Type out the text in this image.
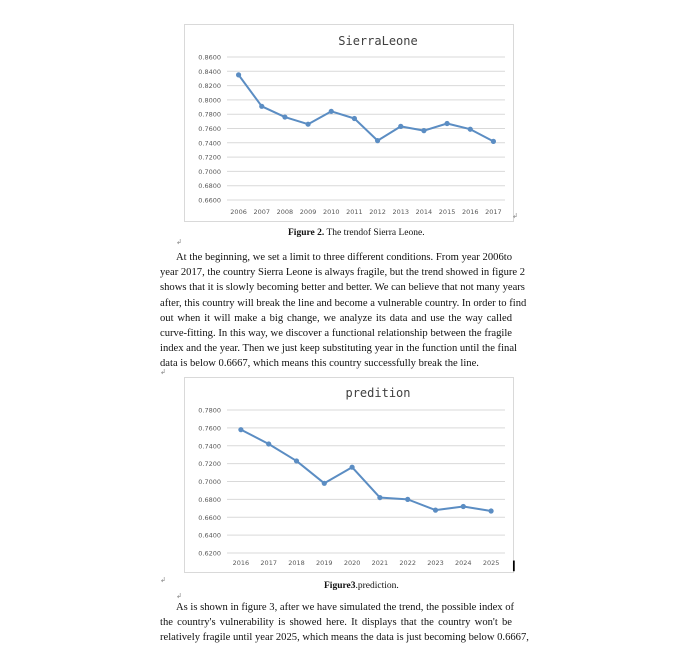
SierraLeone
0.6600
0.6800
0.7000
0.7200
0.7400
0.7600
0.7800
0.8000
0.8200
0.8400
0.8600
2006 2007 2008 2009 2010 2011 2012 2013 2014 2015 2016 2017 ↲
Figure 2. The trendof Sierra Leone.
↲
At the beginning, we set a limit to three different conditions. From year 2006to
year 2017, the country Sierra Leone is always fragile, but the trend showed in figure 2
shows that it is slowly becoming better and better. We can believe that not many years
after, this country will break the line and become a vulnerable country. In order to find
out when it will make a big change, we analyze its data and use the way called
curve-fitting. In this way, we discover a functional relationship between the fragile
index and the year. Then we just keep substituting year in the function until the final
data is below 0.6667, which means this country successfully break the line.
↲
predition
0.6200
0.6400
0.6600
0.6800
0.7000
0.7200
0.7400
0.7600
0.7800
2016 2017 2018 2019 2020 2021 2022 2023 2024 2025 ▎
↲
Figure3.prediction.
↲
As is shown in figure 3, after we have simulated the trend, the possible index of
the country's vulnerability is showed here. It displays that the country won't be
relatively fragile until year 2025, which means the data is just becoming below 0.6667,
